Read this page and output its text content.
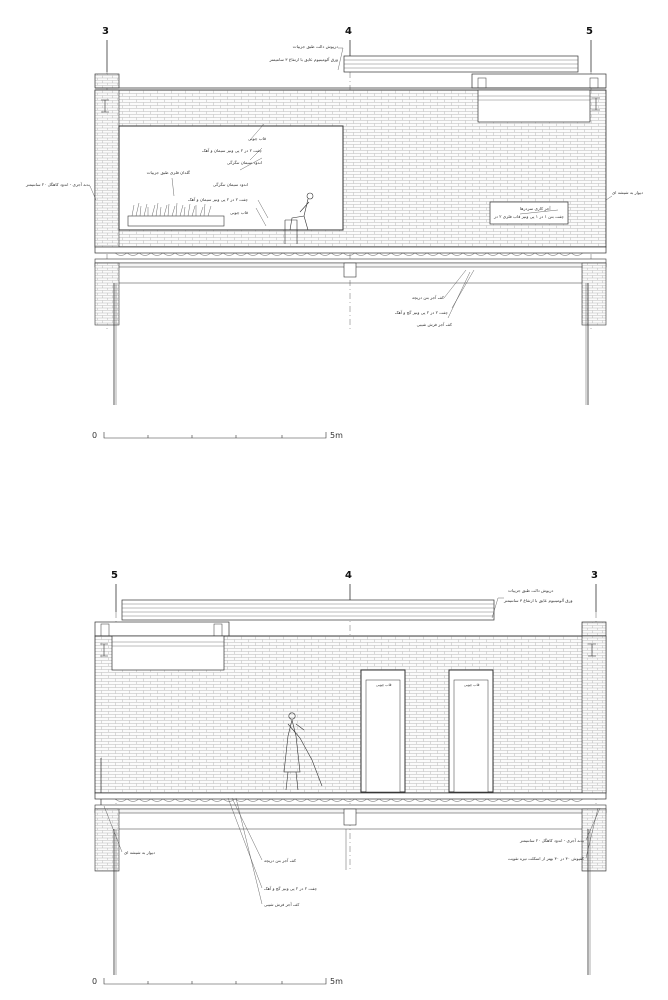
3	4	5
درپوش دالت طبق جزییات
ورق آلومینیوم عایق با ارتفاع ۳ سانتیمتر
قاب چوبی
چفت ۲ در ۲ پی ونیز سیمان و آهک
اندود سیمان تنگرگی
گلدان فلزی طبق جزییات
اندود سیمان تنگرگی
چفت ۲ در ۲ پی ونیز سیمان و آهک
قاب چوبی
بدنه آجری - اندود کاهگل ۲۰ سانتیمتر
آجر کاری سردرها
چفت بتن ۱ در ۱ پی ونیز قاب فلزی ۲ در
دیوار به شیشه ای
کف آجر بتن دریچه
چفت ۲ در ۲ پی ونیز گچ و آهک
کف آجر فرش شیبی
0	5m
5	4	3
درپوش دالت طبق جزییات
ورق آلومینیوم عایق با ارتفاع ۳ سانتیمتر
قاب چوبی	قاب چوبی
دیوار به شیشه ای
کف آجر بتن دریچه
چفت ۲ در ۲ پی ونیز گچ و آهک
کف آجر فرش شیبی
بدنه آجری - اندود کاهگل ۲۰ سانتیمتر
کفپوش ۳۰ در ۳۰ بهتر از اسکلت تیره تقویت
0	5m
